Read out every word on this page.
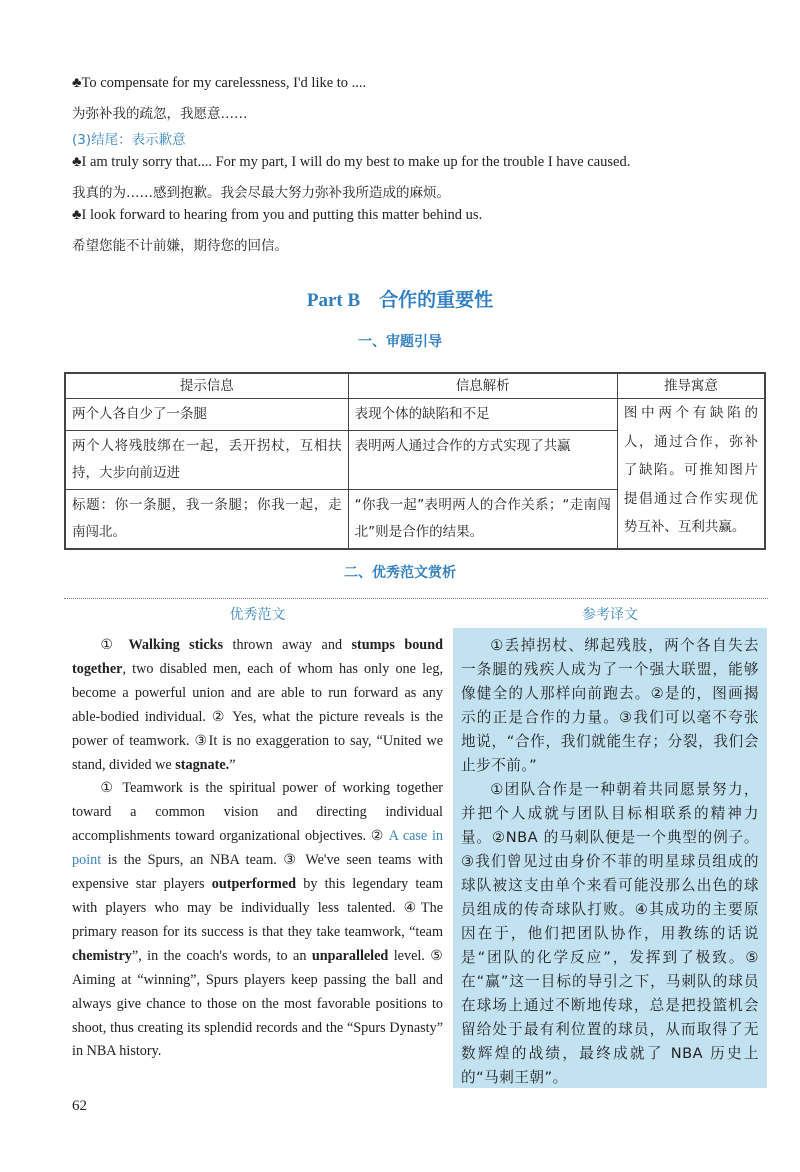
♣To compensate for my carelessness, I'd like to ....
为弥补我的疏忽，我愿意……
(3)结尾：表示歉意
♣I am truly sorry that.... For my part, I will do my best to make up for the trouble I have caused.
我真的为……感到抱歉。我会尽最大努力弥补我所造成的麻烦。
♣I look forward to hearing from you and putting this matter behind us.
希望您能不计前嫌，期待您的回信。
Part B　合作的重要性
一、审题引导
提示信息	信息解析	推导寓意
两个人各自少了一条腿	表现个体的缺陷和不足	图中两个有缺陷的人，通过合作，弥补了缺陷。可推知图片提倡通过合作实现优势互补、互利共赢。
两个人将残肢绑在一起，丢开拐杖，互相扶持，大步向前迈进	表明两人通过合作的方式实现了共赢	
标题：你一条腿，我一条腿；你我一起，走南闯北。	“你我一起”表明两人的合作关系；“走南闯北”则是合作的结果。	
二、优秀范文赏析
优秀范文	参考译文

① Walking sticks thrown away and stumps bound together, two disabled men, each of whom has only one leg, become a powerful union and are able to run forward as any able-bodied individual. ② Yes, what the picture reveals is the power of teamwork. ③It is no exaggeration to say, “United we stand, divided we stagnate.”

① Teamwork is the spiritual power of working together toward a common vision and directing individual accomplishments toward organizational objectives. ② A case in point is the Spurs, an NBA team. ③ We've seen teams with expensive star players outperformed by this legendary team with players who may be individually less talented. ④The primary reason for its success is that they take teamwork, “team chemistry”, in the coach's words, to an unparalleled level. ⑤ Aiming at “winning”, Spurs players keep passing the ball and always give chance to those on the most favorable positions to shoot, thus creating its splendid records and the “Spurs Dynasty” in NBA history.

①丢掉拐杖、绑起残肢，两个各自失去一条腿的残疾人成为了一个强大联盟，能够像健全的人那样向前跑去。②是的，图画揭示的正是合作的力量。③我们可以毫不夸张地说，“合作，我们就能生存；分裂，我们会止步不前。”

①团队合作是一种朝着共同愿景努力，并把个人成就与团队目标相联系的精神力量。②NBA 的马刺队便是一个典型的例子。③我们曾见过由身价不菲的明星球员组成的球队被这支由单个来看可能没那么出色的球员组成的传奇球队打败。④其成功的主要原因在于，他们把团队协作，用教练的话说是“团队的化学反应”，发挥到了极致。⑤在“赢”这一目标的导引之下，马刺队的球员在球场上通过不断地传球，总是把投篮机会留给处于最有利位置的球员，从而取得了无数辉煌的战绩，最终成就了 NBA 历史上的“马刺王朝”。

62
